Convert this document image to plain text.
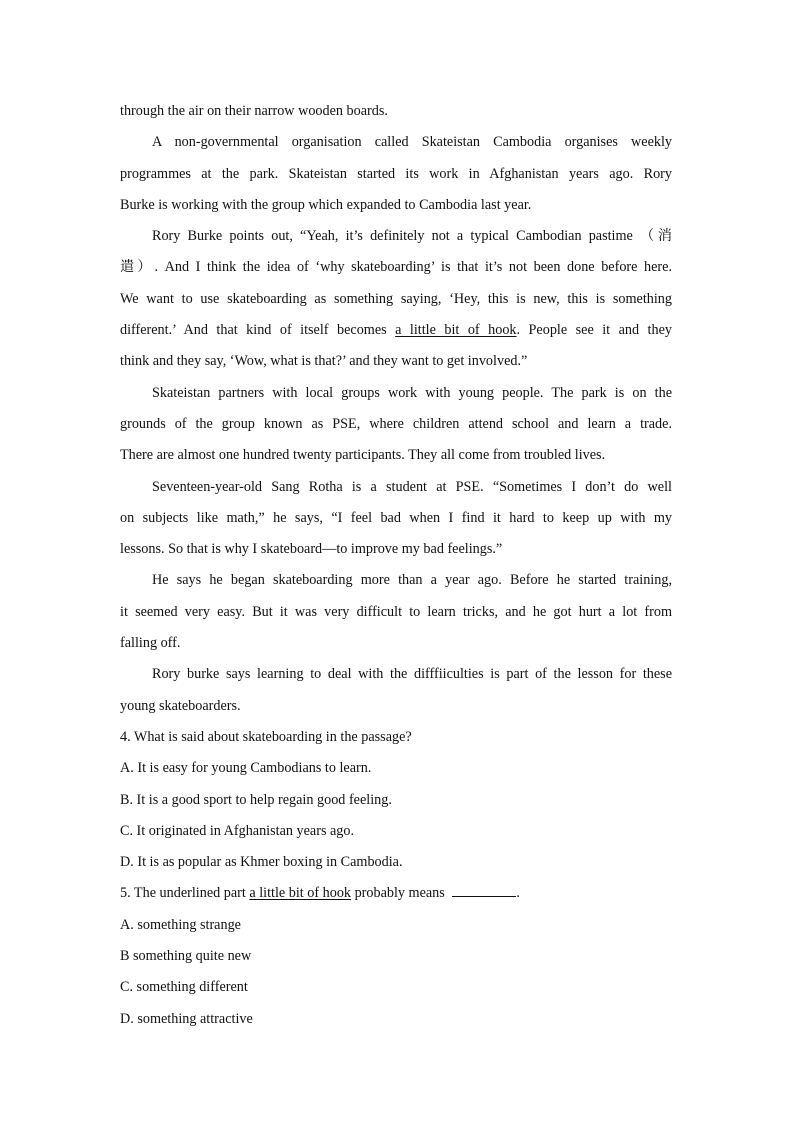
through the air on their narrow wooden boards.
A non-governmental organisation called Skateistan Cambodia organises weekly
programmes at the park. Skateistan started its work in Afghanistan years ago. Rory
Burke is working with the group which expanded to Cambodia last year.
Rory Burke points out, “Yeah, it’s definitely not a typical Cambodian pastime （消
遣）. And I think the idea of ‘why skateboarding’ is that it’s not been done before here.
We want to use skateboarding as something saying, ‘Hey, this is new, this is something
different.’ And that kind of itself becomes a little bit of hook. People see it and they
think and they say, ‘Wow, what is that?’ and they want to get involved.”
Skateistan partners with local groups work with young people. The park is on the
grounds of the group known as PSE, where children attend school and learn a trade.
There are almost one hundred twenty participants. They all come from troubled lives.
Seventeen-year-old Sang Rotha is a student at PSE. “Sometimes I don’t do well
on subjects like math,” he says, “I feel bad when I find it hard to keep up with my
lessons. So that is why I skateboard—to improve my bad feelings.”
He says he began skateboarding more than a year ago. Before he started training,
it seemed very easy. But it was very difficult to learn tricks, and he got hurt a lot from
falling off.
Rory burke says learning to deal with the difffiiculties is part of the lesson for these
young skateboarders.
4. What is said about skateboarding in the passage?
A. It is easy for young Cambodians to learn.
B. It is a good sport to help regain good feeling.
C. It originated in Afghanistan years ago.
D. It is as popular as Khmer boxing in Cambodia.
5. The underlined part a little bit of hook probably means	.
A. something strange
B something quite new
C. something different
D. something attractive
